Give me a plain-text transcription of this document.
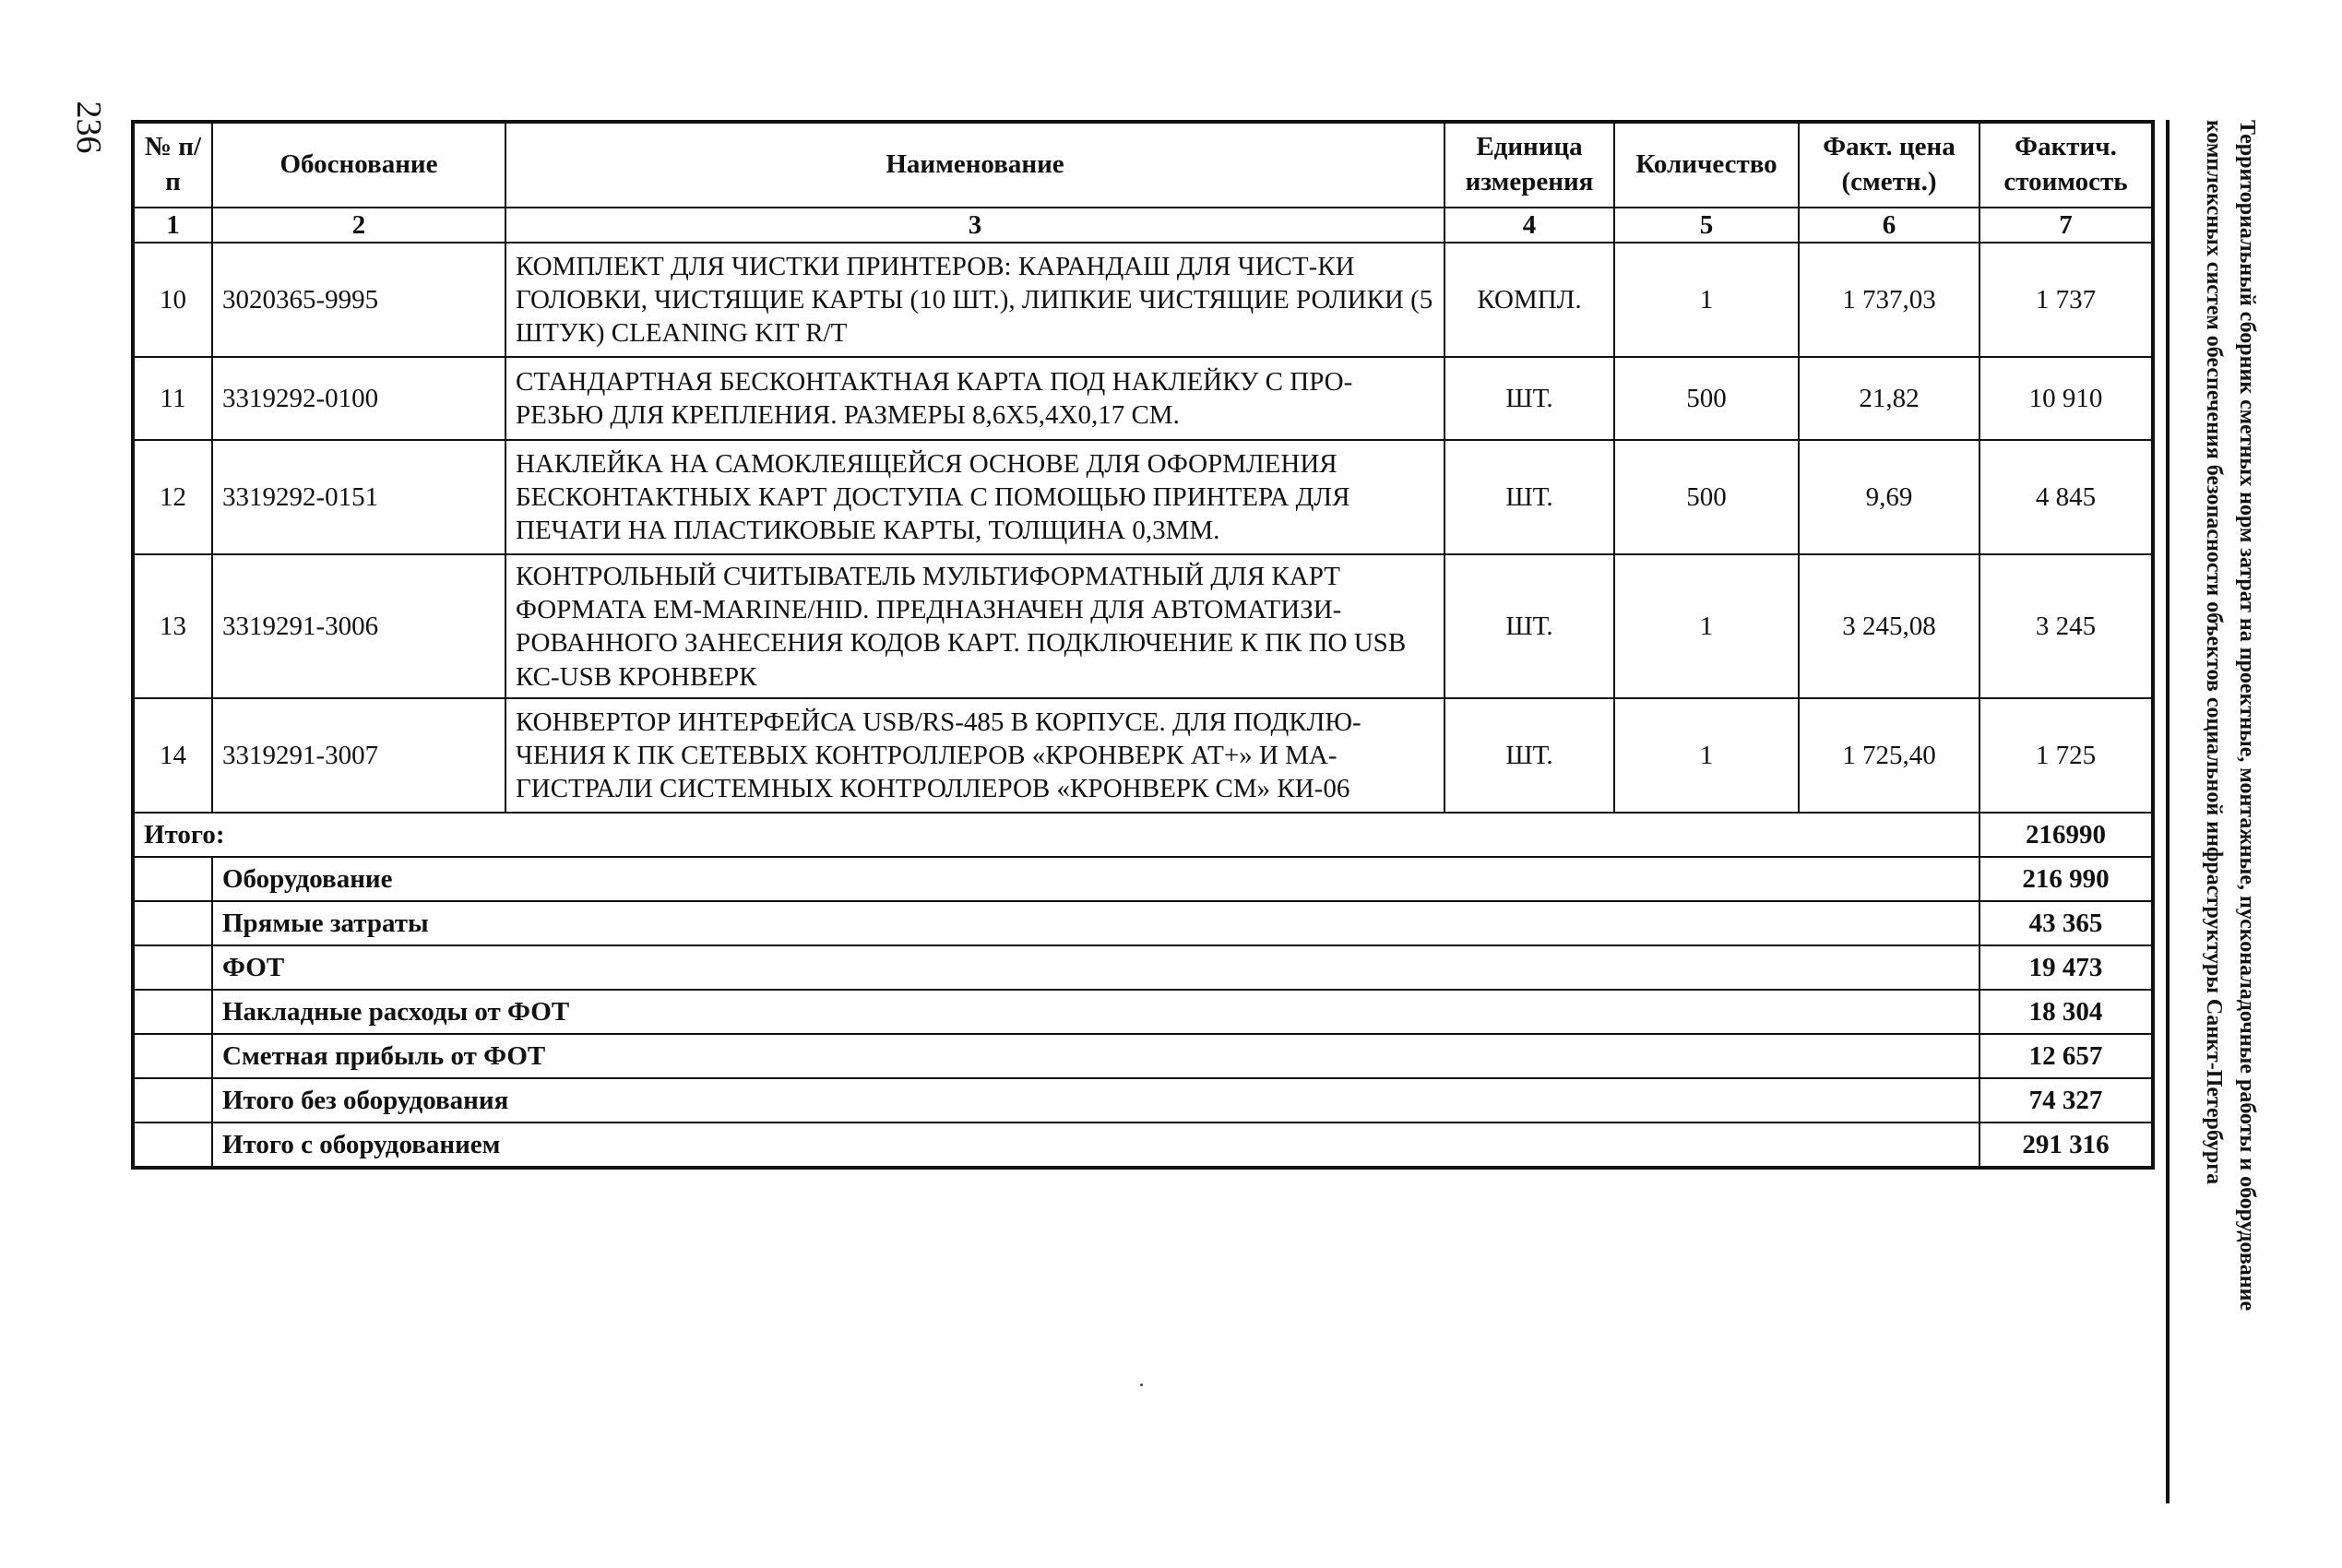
236	Территориальный сборник сметных норм затрат на проектные, монтажные, пусконаладочные работы и оборудование
комплексных систем обеспечения безопасности объектов социальной инфраструктуры Санкт-Петербурга
№ п/п	Обоснование	Наименование	Единица измерения	Количество	Факт. цена (сметн.)	Фактич. стоимость
1	2	3	4	5	6	7
10	3020365-9995	КОМПЛЕКТ ДЛЯ ЧИСТКИ ПРИНТЕРОВ: КАРАНДАШ ДЛЯ ЧИСТ-КИ ГОЛОВКИ, ЧИСТЯЩИЕ КАРТЫ (10 ШТ.), ЛИПКИЕ ЧИСТЯЩИЕ РОЛИКИ (5 ШТУК) CLEANING KIT R/T	КОМПЛ.	1	1 737,03	1 737
11	3319292-0100	СТАНДАРТНАЯ БЕСКОНТАКТНАЯ КАРТА ПОД НАКЛЕЙКУ С ПРО-РЕЗЬЮ ДЛЯ КРЕПЛЕНИЯ. РАЗМЕРЫ 8,6Х5,4Х0,17 СМ.	ШТ.	500	21,82	10 910
12	3319292-0151	НАКЛЕЙКА НА САМОКЛЕЯЩЕЙСЯ ОСНОВЕ ДЛЯ ОФОРМЛЕНИЯ БЕСКОНТАКТНЫХ КАРТ ДОСТУПА С ПОМОЩЬЮ ПРИНТЕРА ДЛЯ ПЕЧАТИ НА ПЛАСТИКОВЫЕ КАРТЫ, ТОЛЩИНА 0,3ММ.	ШТ.	500	9,69	4 845
13	3319291-3006	КОНТРОЛЬНЫЙ СЧИТЫВАТЕЛЬ МУЛЬТИФОРМАТНЫЙ ДЛЯ КАРТ ФОРМАТА EM-MARINE/HID. ПРЕДНАЗНАЧЕН ДЛЯ АВТОМАТИЗИ-РОВАННОГО ЗАНЕСЕНИЯ КОДОВ КАРТ. ПОДКЛЮЧЕНИЕ К ПК ПО USB КС-USB КРОНВЕРК	ШТ.	1	3 245,08	3 245
14	3319291-3007	КОНВЕРТОР ИНТЕРФЕЙСА USB/RS-485 В КОРПУСЕ. ДЛЯ ПОДКЛЮ-ЧЕНИЯ К ПК СЕТЕВЫХ КОНТРОЛЛЕРОВ «КРОНВЕРК АТ+» И МА-ГИСТРАЛИ СИСТЕМНЫХ КОНТРОЛЛЕРОВ «КРОНВЕРК СМ» КИ-06	ШТ.	1	1 725,40	1 725
Итого:						216990
	Оборудование					216 990
	Прямые затраты					43 365
	ФОТ					19 473
	Накладные расходы от ФОТ					18 304
	Сметная прибыль от ФОТ					12 657
	Итого без оборудования					74 327
	Итого с оборудованием					291 316
